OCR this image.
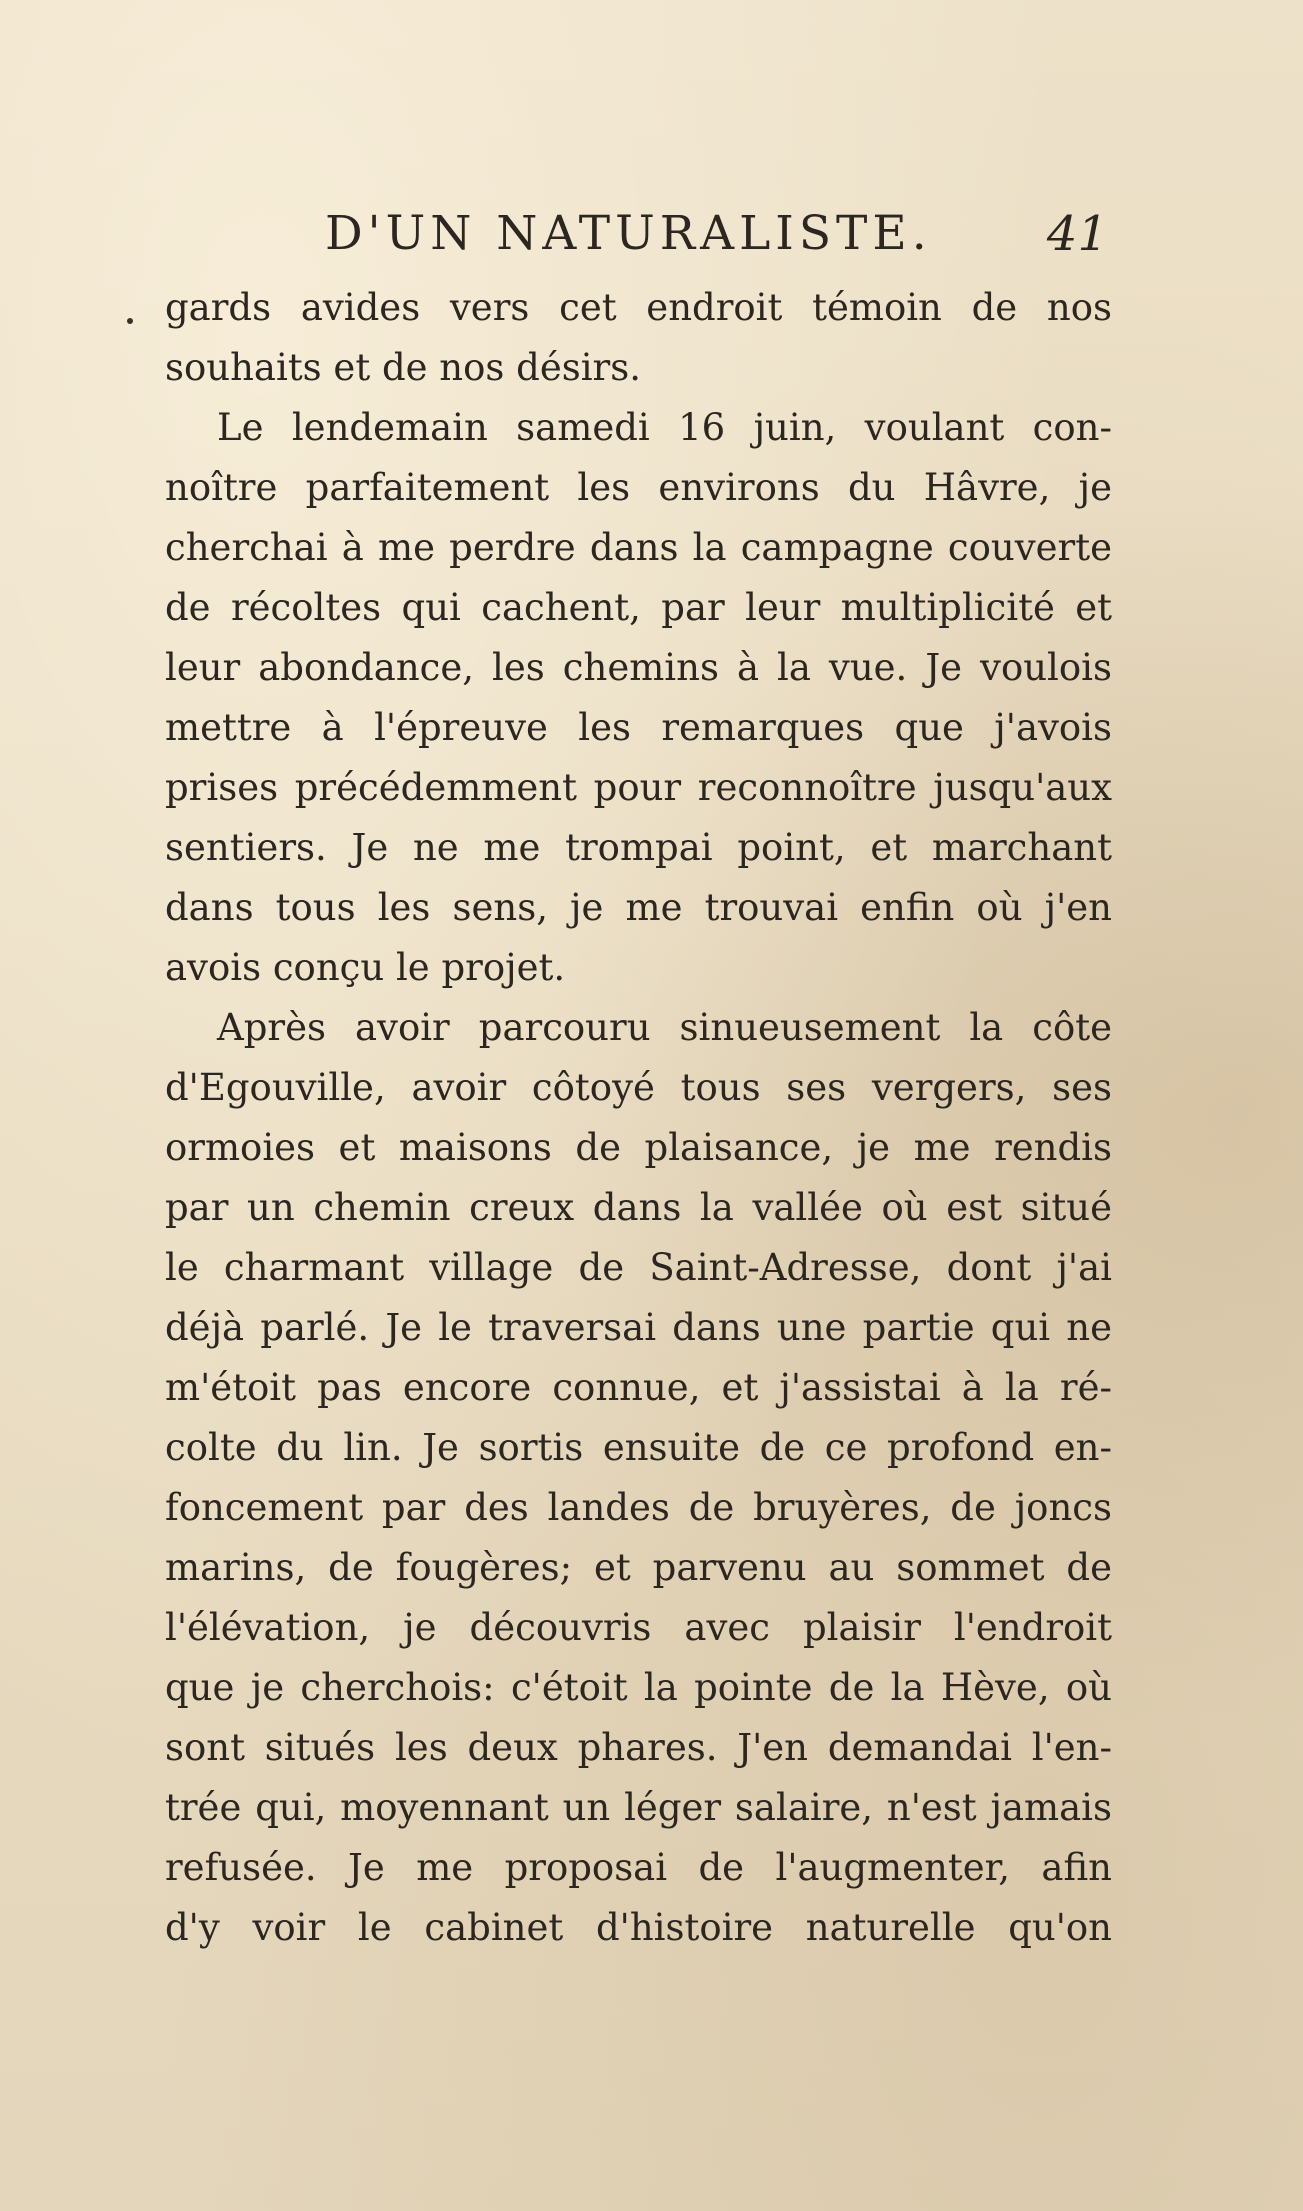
D'UN NATURALISTE. 41
gards avides vers cet endroit témoin de nos
souhaits et de nos désirs.
Le lendemain samedi 16 juin, voulant con-
noître parfaitement les environs du Hâvre, je
cherchai à me perdre dans la campagne couverte
de récoltes qui cachent, par leur multiplicité et
leur abondance, les chemins à la vue. Je voulois
mettre à l'épreuve les remarques que j'avois
prises précédemment pour reconnoître jusqu'aux
sentiers. Je ne me trompai point, et marchant
dans tous les sens, je me trouvai enfin où j'en
avois conçu le projet.
Après avoir parcouru sinueusement la côte
d'Egouville, avoir côtoyé tous ses vergers, ses
ormoies et maisons de plaisance, je me rendis
par un chemin creux dans la vallée où est situé
le charmant village de Saint-Adresse, dont j'ai
déjà parlé. Je le traversai dans une partie qui ne
m'étoit pas encore connue, et j'assistai à la ré-
colte du lin. Je sortis ensuite de ce profond en-
foncement par des landes de bruyères, de joncs
marins, de fougères; et parvenu au sommet de
l'élévation, je découvris avec plaisir l'endroit
que je cherchois: c'étoit la pointe de la Hève, où
sont situés les deux phares. J'en demandai l'en-
trée qui, moyennant un léger salaire, n'est jamais
refusée. Je me proposai de l'augmenter, afin
d'y voir le cabinet d'histoire naturelle qu'on
